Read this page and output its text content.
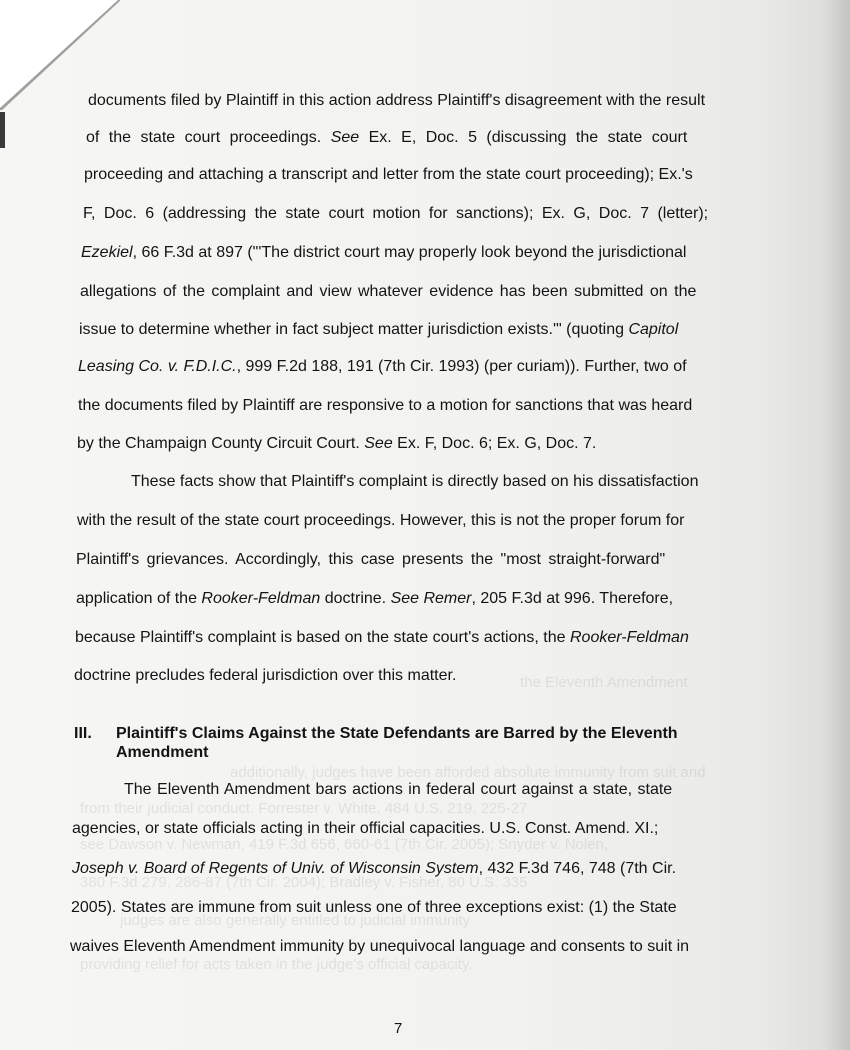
the Eleventh Amendment

additionally, judges have been afforded absolute immunity from suit and

from their judicial conduct. Forrester v. White, 484 U.S. 219, 225-27

see Dawson v. Newman, 419 F.3d 656, 660-61 (7th Cir. 2005); Snyder v. Nolen,

380 F.3d 279, 286-87 (7th Cir. 2004); Bradley v. Fisher, 80 U.S. 335

judges are also generally entitled to judicial immunity

providing relief for acts taken in the judge's official capacity.

documents filed by Plaintiff in this action address Plaintiff's disagreement with the result

of the state court proceedings. See Ex. E, Doc. 5 (discussing the state court

proceeding and attaching a transcript and letter from the state court proceeding); Ex.'s

F, Doc. 6 (addressing the state court motion for sanctions); Ex. G, Doc. 7 (letter);

Ezekiel, 66 F.3d at 897 ("'The district court may properly look beyond the jurisdictional

allegations of the complaint and view whatever evidence has been submitted on the

issue to determine whether in fact subject matter jurisdiction exists.'" (quoting Capitol

Leasing Co. v. F.D.I.C., 999 F.2d 188, 191 (7th Cir. 1993) (per curiam)). Further, two of

the documents filed by Plaintiff are responsive to a motion for sanctions that was heard

by the Champaign County Circuit Court. See Ex. F, Doc. 6; Ex. G, Doc. 7.

These facts show that Plaintiff's complaint is directly based on his dissatisfaction

with the result of the state court proceedings. However, this is not the proper forum for

Plaintiff's grievances. Accordingly, this case presents the "most straight-forward"

application of the Rooker-Feldman doctrine. See Remer, 205 F.3d at 996. Therefore,

because Plaintiff's complaint is based on the state court's actions, the Rooker-Feldman

doctrine precludes federal jurisdiction over this matter.

III. Plaintiff's Claims Against the State Defendants are Barred by the Eleventh
Amendment

The Eleventh Amendment bars actions in federal court against a state, state

agencies, or state officials acting in their official capacities. U.S. Const. Amend. XI.;

Joseph v. Board of Regents of Univ. of Wisconsin System, 432 F.3d 746, 748 (7th Cir.

2005). States are immune from suit unless one of three exceptions exist: (1) the State

waives Eleventh Amendment immunity by unequivocal language and consents to suit in

7
